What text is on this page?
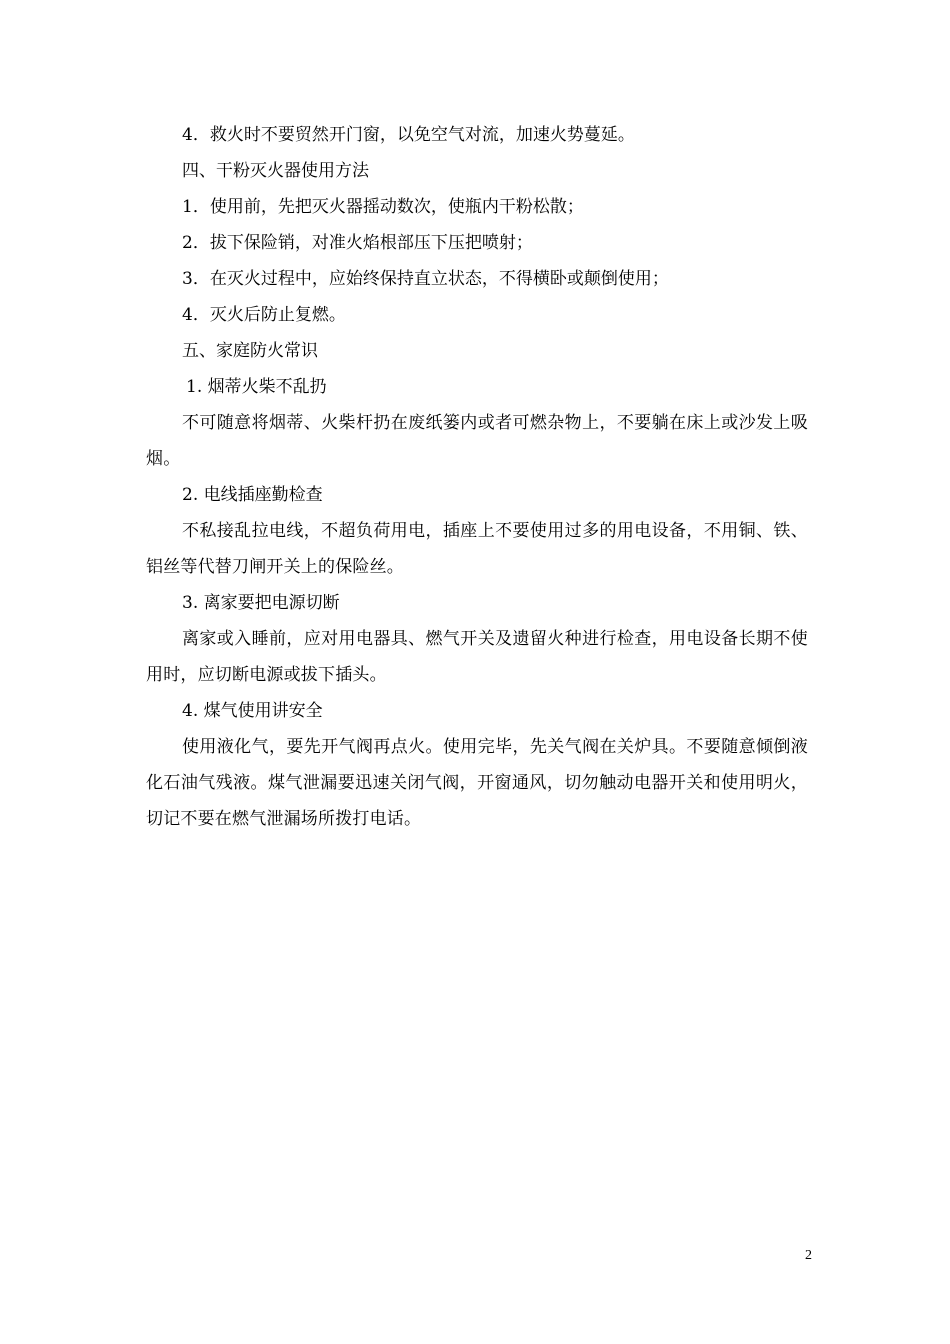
4．救火时不要贸然开门窗，以免空气对流，加速火势蔓延。

四、干粉灭火器使用方法

1．使用前，先把灭火器摇动数次，使瓶内干粉松散；

2．拔下保险销，对准火焰根部压下压把喷射；

3．在灭火过程中，应始终保持直立状态，不得横卧或颠倒使用；

4．灭火后防止复燃。

五、家庭防火常识

1. 烟蒂火柴不乱扔

不可随意将烟蒂、火柴杆扔在废纸篓内或者可燃杂物上，不要躺在床上或沙发上吸烟。

2. 电线插座勤检查

不私接乱拉电线，不超负荷用电，插座上不要使用过多的用电设备，不用铜、铁、铝丝等代替刀闸开关上的保险丝。

3. 离家要把电源切断

离家或入睡前，应对用电器具、燃气开关及遗留火种进行检查，用电设备长期不使用时，应切断电源或拔下插头。

4. 煤气使用讲安全

使用液化气，要先开气阀再点火。使用完毕，先关气阀在关炉具。不要随意倾倒液化石油气残液。煤气泄漏要迅速关闭气阀，开窗通风，切勿触动电器开关和使用明火，切记不要在燃气泄漏场所拨打电话。

2
